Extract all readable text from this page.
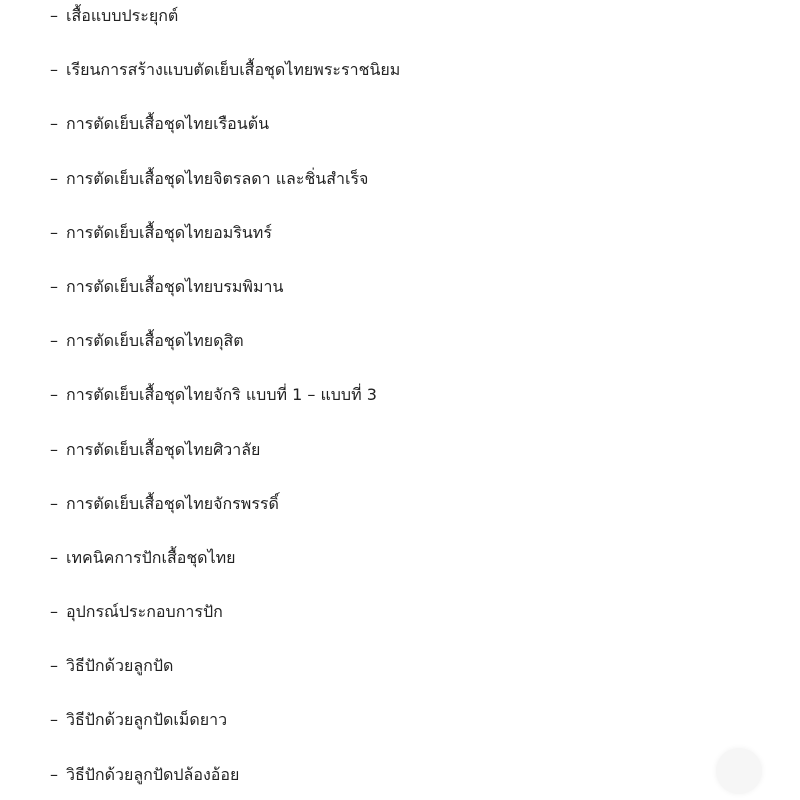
– เสื้อแบบประยุกต์
– เรียนการสร้างแบบตัดเย็บเสื้อชุดไทยพระราชนิยม
– การตัดเย็บเสื้อชุดไทยเรือนต้น
– การตัดเย็บเสื้อชุดไทยจิตรลดา และชิ่นสำเร็จ
– การตัดเย็บเสื้อชุดไทยอมรินทร์
– การตัดเย็บเสื้อชุดไทยบรมพิมาน
– การตัดเย็บเสื้อชุดไทยดุสิต
– การตัดเย็บเสื้อชุดไทยจักริ แบบที่ 1 – แบบที่ 3
– การตัดเย็บเสื้อชุดไทยศิวาลัย
– การตัดเย็บเสื้อชุดไทยจักรพรรดิ์
– เทคนิคการปักเสื้อชุดไทย
– อุปกรณ์ประกอบการปัก
– วิธีปักด้วยลูกปัด
– วิธีปักด้วยลูกปัดเม็ดยาว
– วิธีปักด้วยลูกปัดปล้องอ้อย
